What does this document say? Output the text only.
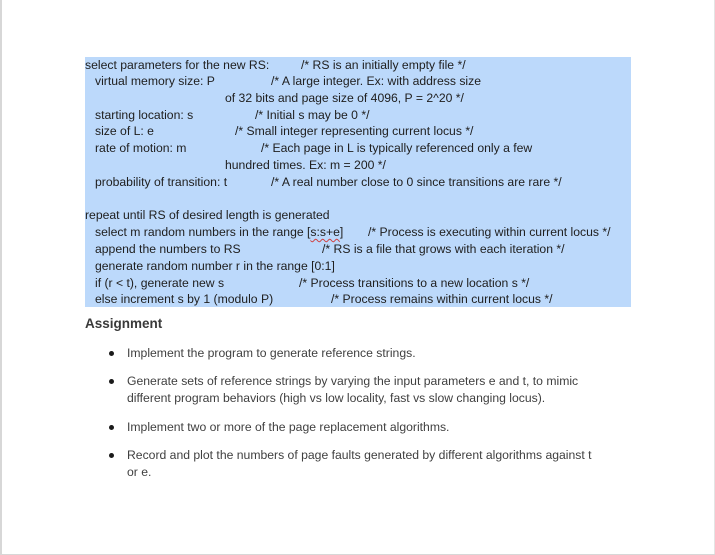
select parameters for the new RS:	/* RS is an initially empty file */
virtual memory size: P	/* A large integer. Ex: with address size
of 32 bits and page size of 4096, P = 2^20 */
starting location: s	/* Initial s may be 0 */
size of L: e	/* Small integer representing current locus */
rate of motion: m	/* Each page in L is typically referenced only a few
hundred times. Ex: m = 200 */
probability of transition: t	/* A real number close to 0 since transitions are rare */
repeat until RS of desired length is generated
select m random numbers in the range [s:s+e] /* Process is executing within current locus */
append the numbers to RS	/* RS is a file that grows with each iteration */
generate random number r in the range [0:1]
if (r < t), generate new s	/* Process transitions to a new location s */
else increment s by 1 (modulo P)	/* Process remains within current locus */
Assignment
Implement the program to generate reference strings.
Generate sets of reference strings by varying the input parameters e and t, to mimic
different program behaviors (high vs low locality, fast vs slow changing locus).
Implement two or more of the page replacement algorithms.
Record and plot the numbers of page faults generated by different algorithms against t
or e.
